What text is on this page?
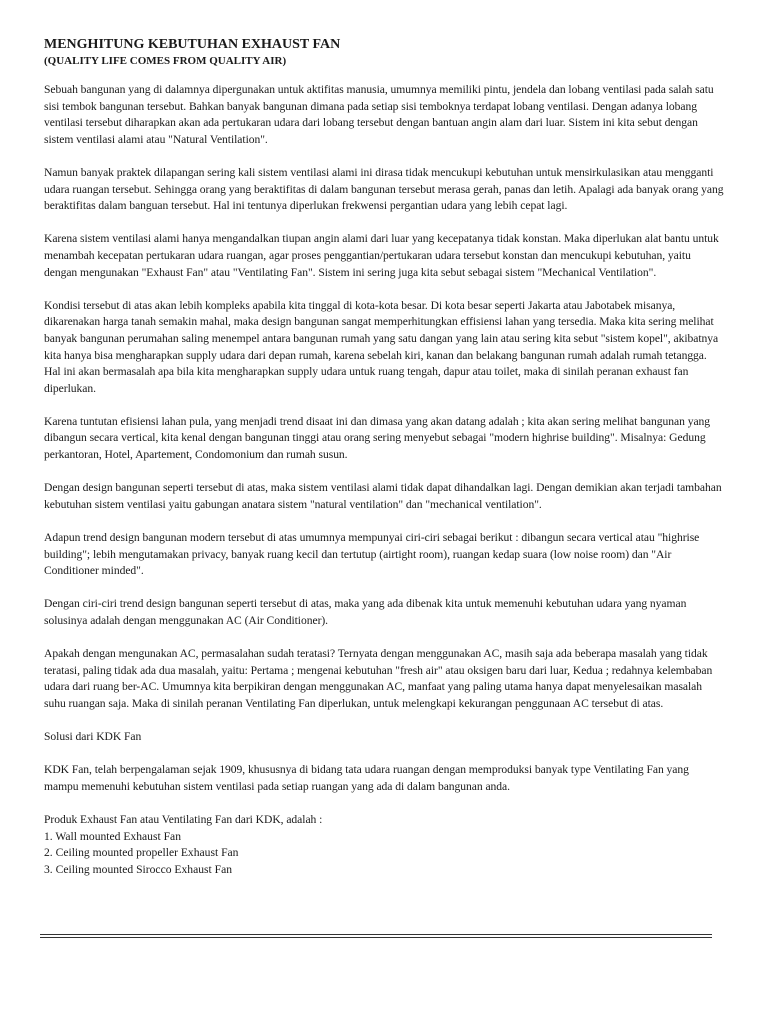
MENGHITUNG KEBUTUHAN EXHAUST FAN
(QUALITY LIFE COMES FROM QUALITY AIR)

Sebuah bangunan yang di dalamnya dipergunakan untuk aktifitas manusia, umumnya memiliki pintu, jendela dan lobang ventilasi pada salah satu sisi tembok bangunan tersebut. Bahkan banyak bangunan dimana pada setiap sisi temboknya terdapat lobang ventilasi. Dengan adanya lobang ventilasi tersebut diharapkan akan ada pertukaran udara dari lobang tersebut dengan bantuan angin alam dari luar. Sistem ini kita sebut dengan sistem ventilasi alami atau "Natural Ventilation".

Namun banyak praktek dilapangan sering kali sistem ventilasi alami ini dirasa tidak mencukupi kebutuhan untuk mensirkulasikan atau mengganti udara ruangan tersebut. Sehingga orang yang beraktifitas di dalam bangunan tersebut merasa gerah, panas dan letih. Apalagi ada banyak orang yang beraktifitas dalam banguan tersebut. Hal ini tentunya diperlukan frekwensi pergantian udara yang lebih cepat lagi.

Karena sistem ventilasi alami hanya mengandalkan tiupan angin alami dari luar yang kecepatanya tidak konstan. Maka diperlukan alat bantu untuk menambah kecepatan pertukaran udara ruangan, agar proses penggantian/pertukaran udara tersebut konstan dan mencukupi kebutuhan, yaitu dengan mengunakan "Exhaust Fan" atau "Ventilating Fan". Sistem ini sering juga kita sebut sebagai sistem "Mechanical Ventilation".

Kondisi tersebut di atas akan lebih kompleks apabila kita tinggal di kota-kota besar. Di kota besar seperti Jakarta atau Jabotabek misanya, dikarenakan harga tanah semakin mahal, maka design bangunan sangat memperhitungkan effisiensi lahan yang tersedia. Maka kita sering melihat banyak bangunan perumahan saling menempel antara bangunan rumah yang satu dangan yang lain atau sering kita sebut "sistem kopel", akibatnya kita hanya bisa mengharapkan supply udara dari depan rumah, karena sebelah kiri, kanan dan belakang bangunan rumah adalah rumah tetangga. Hal ini akan bermasalah apa bila kita mengharapkan supply udara untuk ruang tengah, dapur atau toilet, maka di sinilah peranan exhaust fan diperlukan.

Karena tuntutan efisiensi lahan pula, yang menjadi trend disaat ini dan dimasa yang akan datang adalah ; kita akan sering melihat bangunan yang dibangun secara vertical, kita kenal dengan bangunan tinggi atau orang sering menyebut sebagai "modern highrise building". Misalnya: Gedung perkantoran, Hotel, Apartement, Condomonium dan rumah susun.

Dengan design bangunan seperti tersebut di atas, maka sistem ventilasi alami tidak dapat dihandalkan lagi. Dengan demikian akan terjadi tambahan kebutuhan sistem ventilasi yaitu gabungan anatara sistem "natural ventilation" dan "mechanical ventilation".

Adapun trend design bangunan modern tersebut di atas umumnya mempunyai ciri-ciri sebagai berikut : dibangun secara vertical atau "highrise building"; lebih mengutamakan privacy, banyak ruang kecil dan tertutup (airtight room), ruangan kedap suara (low noise room) dan "Air Conditioner minded".

Dengan ciri-ciri trend design bangunan seperti tersebut di atas, maka yang ada dibenak kita untuk memenuhi kebutuhan udara yang nyaman solusinya adalah dengan menggunakan AC (Air Conditioner).

Apakah dengan mengunakan AC, permasalahan sudah teratasi? Ternyata dengan menggunakan AC, masih saja ada beberapa masalah yang tidak teratasi, paling tidak ada dua masalah, yaitu: Pertama ; mengenai kebutuhan "fresh air" atau oksigen baru dari luar, Kedua ; redahnya kelembaban udara dari ruang ber-AC. Umumnya kita berpikiran dengan menggunakan AC, manfaat yang paling utama hanya dapat menyelesaikan masalah suhu ruangan saja. Maka di sinilah peranan Ventilating Fan diperlukan, untuk melengkapi kekurangan penggunaan AC tersebut di atas.

Solusi dari KDK Fan

KDK Fan, telah berpengalaman sejak 1909, khususnya di bidang tata udara ruangan dengan memproduksi banyak type Ventilating Fan yang mampu memenuhi kebutuhan sistem ventilasi pada setiap ruangan yang ada di dalam bangunan anda.

Produk Exhaust Fan atau Ventilating Fan dari KDK, adalah :

1. Wall mounted Exhaust Fan
2. Ceiling mounted propeller Exhaust Fan
3. Ceiling mounted Sirocco Exhaust Fan
